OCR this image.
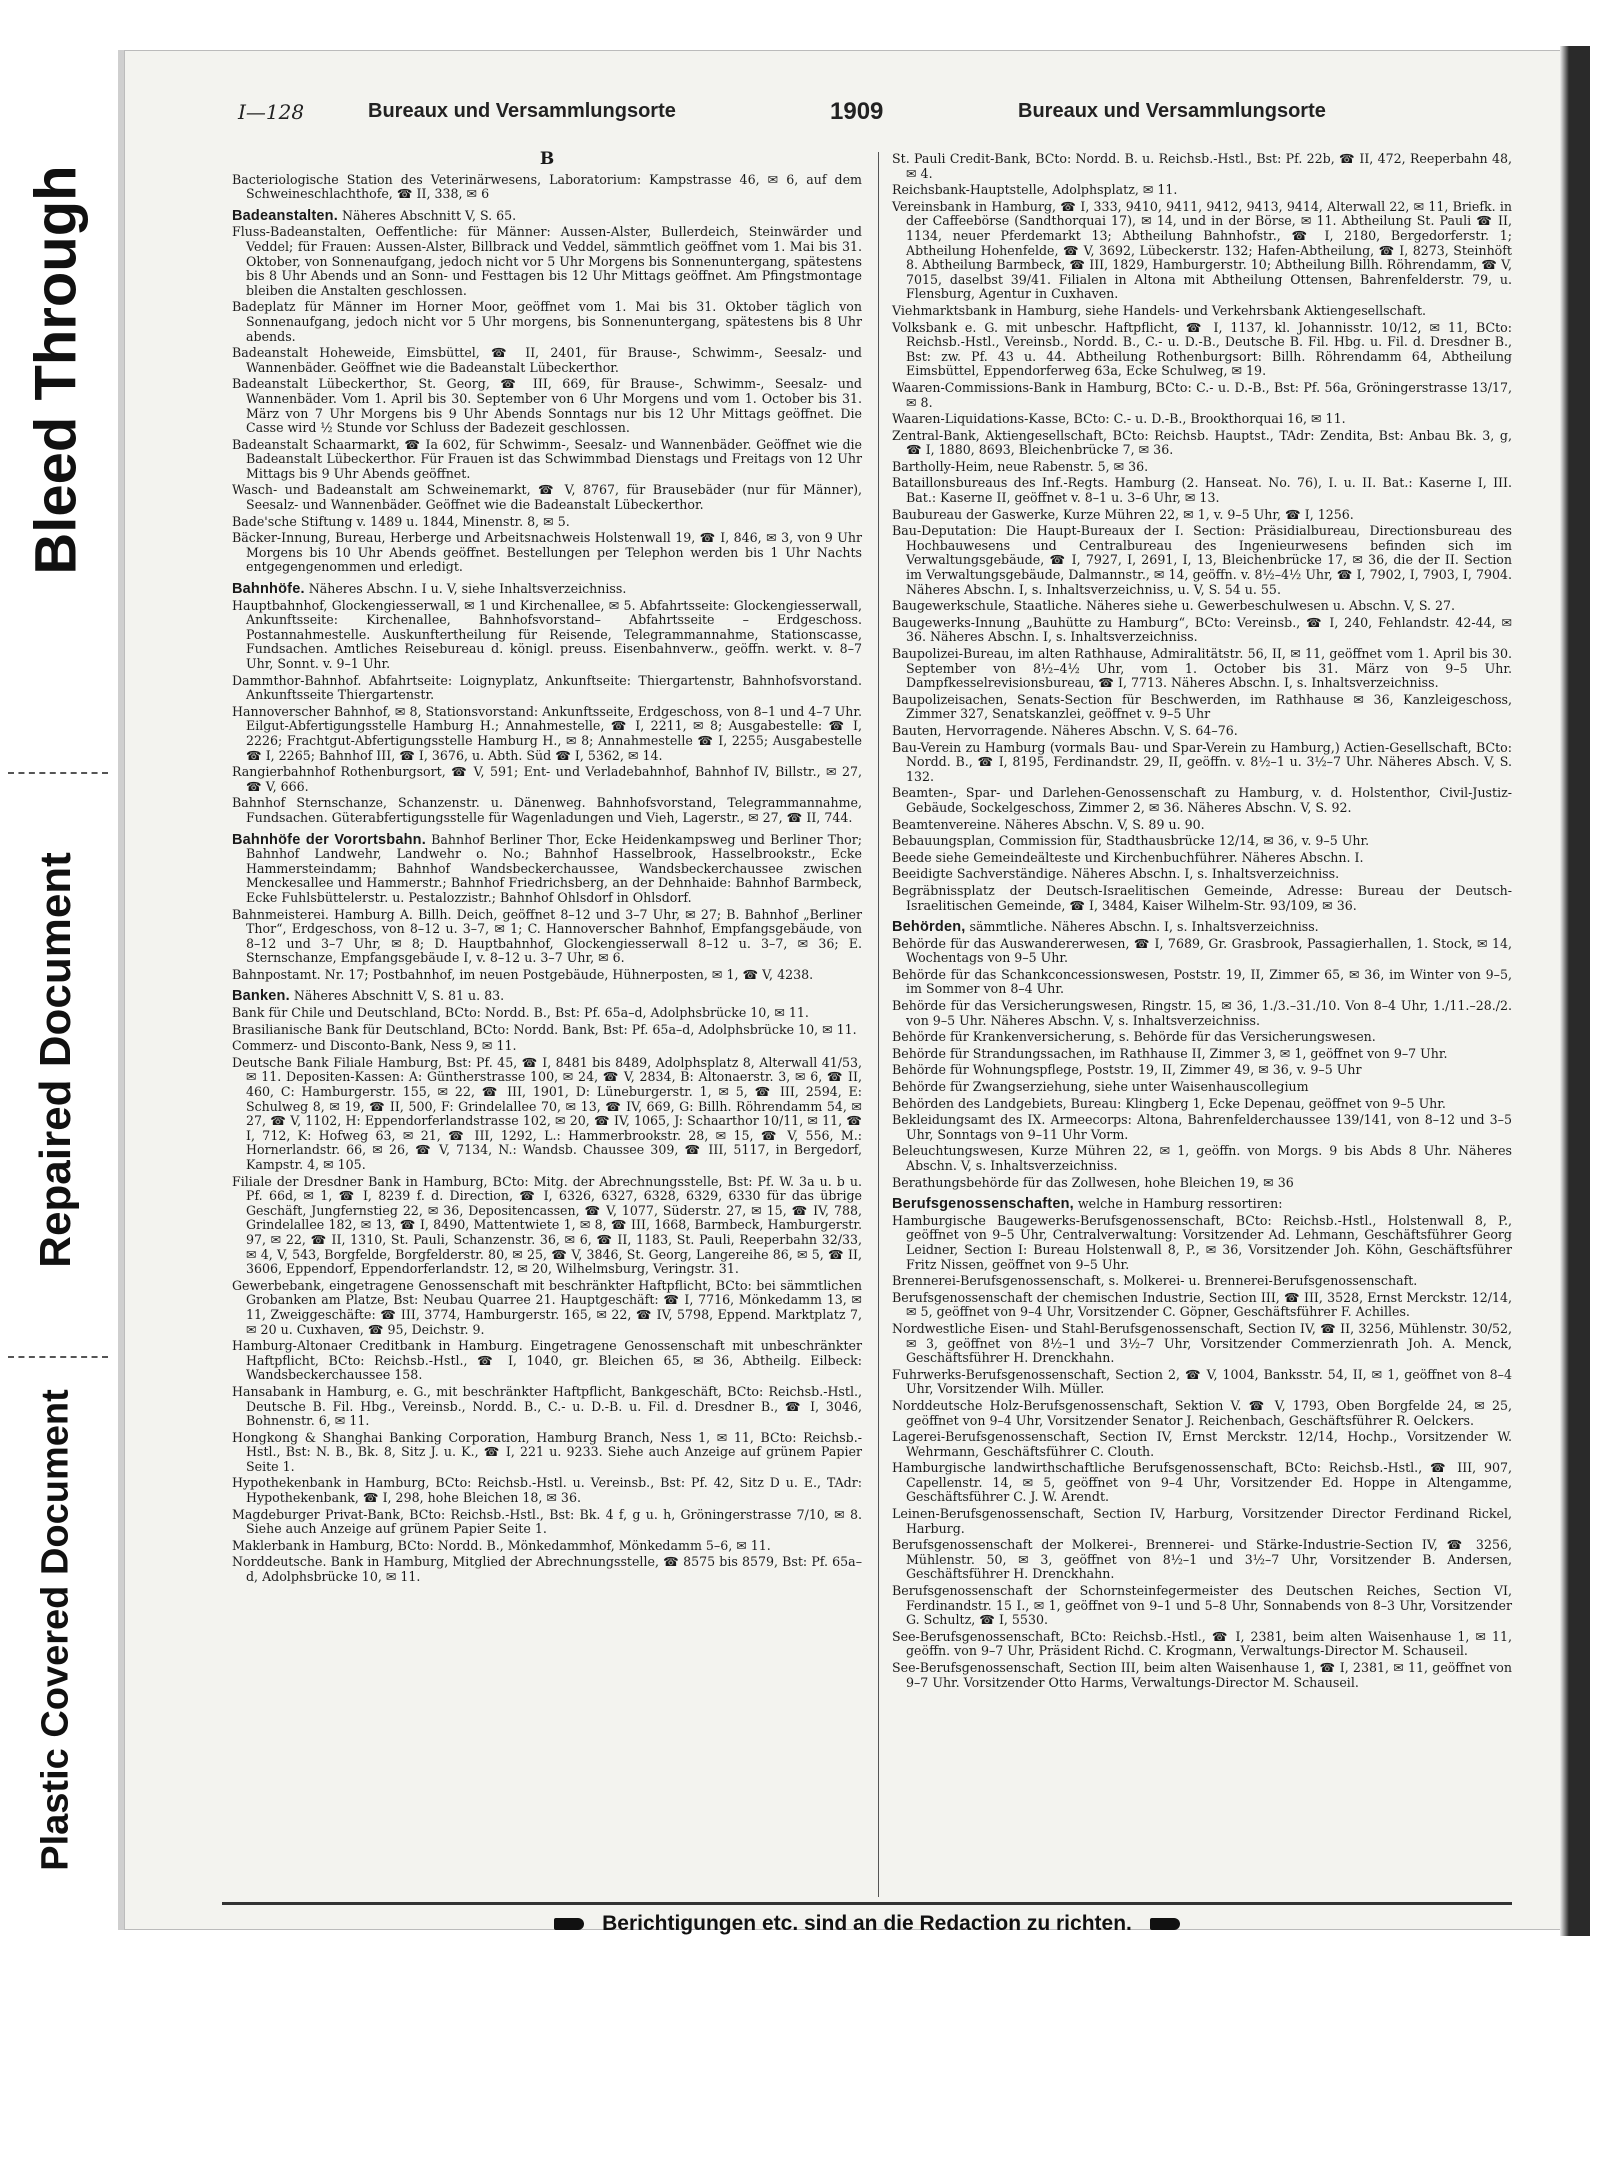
Bleed Through
Repaired Document
Plastic Covered Document
I—128	Bureaux und Versammlungsorte	1909	Bureaux und Versammlungsorte
B

Bacteriologische Station des Veterinärwesens, Laboratorium: Kampstrasse 46, ✉ 6, auf dem Schweineschlachthofe, ☎ II, 338, ✉ 6

Badeanstalten. Näheres Abschnitt V, S. 65.

Fluss-Badeanstalten, Oeffentliche: für Männer: Aussen-Alster, Bullerdeich, Steinwärder und Veddel; für Frauen: Aussen-Alster, Billbrack und Veddel, sämmtlich geöffnet vom 1. Mai bis 31. Oktober, von Sonnenaufgang, jedoch nicht vor 5 Uhr Morgens bis Sonnenuntergang, spätestens bis 8 Uhr Abends und an Sonn- und Festtagen bis 12 Uhr Mittags geöffnet. Am Pfingstmontage bleiben die Anstalten geschlossen.

Badeplatz für Männer im Horner Moor, geöffnet vom 1. Mai bis 31. Oktober täglich von Sonnenaufgang, jedoch nicht vor 5 Uhr morgens, bis Sonnenuntergang, spätestens bis 8 Uhr abends.

Badeanstalt Hoheweide, Eimsbüttel, ☎ II, 2401, für Brause-, Schwimm-, Seesalz- und Wannenbäder. Geöffnet wie die Badeanstalt Lübeckerthor.

Badeanstalt Lübeckerthor, St. Georg, ☎ III, 669, für Brause-, Schwimm-, Seesalz- und Wannenbäder. Vom 1. April bis 30. September von 6 Uhr Morgens und vom 1. October bis 31. März von 7 Uhr Morgens bis 9 Uhr Abends Sonntags nur bis 12 Uhr Mittags geöffnet. Die Casse wird ½ Stunde vor Schluss der Badezeit geschlossen.

Badeanstalt Schaarmarkt, ☎ Ia 602, für Schwimm-, Seesalz- und Wannenbäder. Geöffnet wie die Badeanstalt Lübeckerthor. Für Frauen ist das Schwimmbad Dienstags und Freitags von 12 Uhr Mittags bis 9 Uhr Abends geöffnet.

Wasch- und Badeanstalt am Schweinemarkt, ☎ V, 8767, für Brausebäder (nur für Männer), Seesalz- und Wannenbäder. Geöffnet wie die Badeanstalt Lübeckerthor.

Bade'sche Stiftung v. 1489 u. 1844, Minenstr. 8, ✉ 5.

Bäcker-Innung, Bureau, Herberge und Arbeitsnachweis Holstenwall 19, ☎ I, 846, ✉ 3, von 9 Uhr Morgens bis 10 Uhr Abends geöffnet. Bestellungen per Telephon werden bis 1 Uhr Nachts entgegengenommen und erledigt.

Bahnhöfe. Näheres Abschn. I u. V, siehe Inhaltsverzeichniss.

Hauptbahnhof, Glockengiesserwall, ✉ 1 und Kirchenallee, ✉ 5. Abfahrtsseite: Glockengiesserwall, Ankunftsseite: Kirchenallee, Bahnhofsvorstand– Abfahrtsseite – Erdgeschoss. Postannahmestelle. Auskunftertheilung für Reisende, Telegrammannahme, Stationscasse, Fundsachen. Amtliches Reisebureau d. königl. preuss. Eisenbahnverw., geöffn. werkt. v. 8–7 Uhr, Sonnt. v. 9–1 Uhr.

Dammthor-Bahnhof. Abfahrtseite: Loignyplatz, Ankunftseite: Thiergartenstr, Bahnhofsvorstand. Ankunftsseite Thiergartenstr.

Hannoverscher Bahnhof, ✉ 8, Stationsvorstand: Ankunftsseite, Erdgeschoss, von 8–1 und 4–7 Uhr. Eilgut-Abfertigungsstelle Hamburg H.; Annahmestelle, ☎ I, 2211, ✉ 8; Ausgabestelle: ☎ I, 2226; Frachtgut-Abfertigungsstelle Hamburg H., ✉ 8; Annahmestelle ☎ I, 2255; Ausgabestelle ☎ I, 2265; Bahnhof III, ☎ I, 3676, u. Abth. Süd ☎ I, 5362, ✉ 14.

Rangierbahnhof Rothenburgsort, ☎ V, 591; Ent- und Verladebahnhof, Bahnhof IV, Billstr., ✉ 27, ☎ V, 666.

Bahnhof Sternschanze, Schanzenstr. u. Dänenweg. Bahnhofsvorstand, Telegrammannahme, Fundsachen. Güterabfertigungsstelle für Wagenladungen und Vieh, Lagerstr., ✉ 27, ☎ II, 744.

Bahnhöfe der Vorortsbahn. Bahnhof Berliner Thor, Ecke Heidenkampsweg und Berliner Thor; Bahnhof Landwehr, Landwehr o. No.; Bahnhof Hasselbrook, Hasselbrookstr., Ecke Hammersteindamm; Bahnhof Wandsbeckerchaussee, Wandsbeckerchaussee zwischen Menckesallee und Hammerstr.; Bahnhof Friedrichsberg, an der Dehnhaide: Bahnhof Barmbeck, Ecke Fuhlsbüttelerstr. u. Pestalozzistr.; Bahnhof Ohlsdorf in Ohlsdorf.

Bahnmeisterei. Hamburg A. Billh. Deich, geöffnet 8–12 und 3–7 Uhr, ✉ 27; B. Bahnhof „Berliner Thor“, Erdgeschoss, von 8–12 u. 3–7, ✉ 1; C. Hannoverscher Bahnhof, Empfangsgebäude, von 8–12 und 3–7 Uhr, ✉ 8; D. Hauptbahnhof, Glockengiesserwall 8–12 u. 3–7, ✉ 36; E. Sternschanze, Empfangsgebäude I, v. 8–12 u. 3–7 Uhr, ✉ 6.

Bahnpostamt. Nr. 17; Postbahnhof, im neuen Postgebäude, Hühnerposten, ✉ 1, ☎ V, 4238.

Banken. Näheres Abschnitt V, S. 81 u. 83.

Bank für Chile und Deutschland, BCto: Nordd. B., Bst: Pf. 65a–d, Adolphsbrücke 10, ✉ 11.

Brasilianische Bank für Deutschland, BCto: Nordd. Bank, Bst: Pf. 65a–d, Adolphsbrücke 10, ✉ 11.

Commerz- und Disconto-Bank, Ness 9, ✉ 11.

Deutsche Bank Filiale Hamburg, Bst: Pf. 45, ☎ I, 8481 bis 8489, Adolphsplatz 8, Alterwall 41/53, ✉ 11. Depositen-Kassen: A: Güntherstrasse 100, ✉ 24, ☎ V, 2834, B: Altonaerstr. 3, ✉ 6, ☎ II, 460, C: Hamburgerstr. 155, ✉ 22, ☎ III, 1901, D: Lüneburgerstr. 1, ✉ 5, ☎ III, 2594, E: Schulweg 8, ✉ 19, ☎ II, 500, F: Grindelallee 70, ✉ 13, ☎ IV, 669, G: Billh. Röhrendamm 54, ✉ 27, ☎ V, 1102, H: Eppendorferlandstrasse 102, ✉ 20, ☎ IV, 1065, J: Schaarthor 10/11, ✉ 11, ☎ I, 712, K: Hofweg 63, ✉ 21, ☎ III, 1292, L.: Hammerbrookstr. 28, ✉ 15, ☎ V, 556, M.: Hornerlandstr. 66, ✉ 26, ☎ V, 7134, N.: Wandsb. Chaussee 309, ☎ III, 5117, in Bergedorf, Kampstr. 4, ✉ 105.

Filiale der Dresdner Bank in Hamburg, BCto: Mitg. der Abrechnungsstelle, Bst: Pf. W. 3a u. b u. Pf. 66d, ✉ 1, ☎ I, 8239 f. d. Direction, ☎ I, 6326, 6327, 6328, 6329, 6330 für das übrige Geschäft, Jungfernstieg 22, ✉ 36, Depositencassen, ☎ V, 1077, Süderstr. 27, ✉ 15, ☎ IV, 788, Grindelallee 182, ✉ 13, ☎ I, 8490, Mattentwiete 1, ✉ 8, ☎ III, 1668, Barmbeck, Hamburgerstr. 97, ✉ 22, ☎ II, 1310, St. Pauli, Schanzenstr. 36, ✉ 6, ☎ II, 1183, St. Pauli, Reeperbahn 32/33, ✉ 4, V, 543, Borgfelde, Borgfelderstr. 80, ✉ 25, ☎ V, 3846, St. Georg, Langereihe 86, ✉ 5, ☎ II, 3606, Eppendorf, Eppendorferlandstr. 12, ✉ 20, Wilhelmsburg, Veringstr. 31.

Gewerbebank, eingetragene Genossenschaft mit beschränkter Haftpflicht, BCto: bei sämmtlichen Grobanken am Platze, Bst: Neubau Quarree 21. Hauptgeschäft: ☎ I, 7716, Mönkedamm 13, ✉ 11, Zweiggeschäfte: ☎ III, 3774, Hamburgerstr. 165, ✉ 22, ☎ IV, 5798, Eppend. Marktplatz 7, ✉ 20 u. Cuxhaven, ☎ 95, Deichstr. 9.

Hamburg-Altonaer Creditbank in Hamburg. Eingetragene Genossenschaft mit unbeschränkter Haftpflicht, BCto: Reichsb.-Hstl., ☎ I, 1040, gr. Bleichen 65, ✉ 36, Abtheilg. Eilbeck: Wandsbeckerchaussee 158.

Hansabank in Hamburg, e. G., mit beschränkter Haftpflicht, Bankgeschäft, BCto: Reichsb.-Hstl., Deutsche B. Fil. Hbg., Vereinsb., Nordd. B., C.- u. D.-B. u. Fil. d. Dresdner B., ☎ I, 3046, Bohnenstr. 6, ✉ 11.

Hongkong & Shanghai Banking Corporation, Hamburg Branch, Ness 1, ✉ 11, BCto: Reichsb.-Hstl., Bst: N. B., Bk. 8, Sitz J. u. K., ☎ I, 221 u. 9233. Siehe auch Anzeige auf grünem Papier Seite 1.

Hypothekenbank in Hamburg, BCto: Reichsb.-Hstl. u. Vereinsb., Bst: Pf. 42, Sitz D u. E., TAdr: Hypothekenbank, ☎ I, 298, hohe Bleichen 18, ✉ 36.

Magdeburger Privat-Bank, BCto: Reichsb.-Hstl., Bst: Bk. 4 f, g u. h, Gröningerstrasse 7/10, ✉ 8. Siehe auch Anzeige auf grünem Papier Seite 1.

Maklerbank in Hamburg, BCto: Nordd. B., Mönkedammhof, Mönkedamm 5–6, ✉ 11.

Norddeutsche. Bank in Hamburg, Mitglied der Abrechnungsstelle, ☎ 8575 bis 8579, Bst: Pf. 65a–d, Adolphsbrücke 10, ✉ 11.

St. Pauli Credit-Bank, BCto: Nordd. B. u. Reichsb.-Hstl., Bst: Pf. 22b, ☎ II, 472, Reeperbahn 48, ✉ 4.

Reichsbank-Hauptstelle, Adolphsplatz, ✉ 11.

Vereinsbank in Hamburg, ☎ I, 333, 9410, 9411, 9412, 9413, 9414, Alterwall 22, ✉ 11, Briefk. in der Caffeebörse (Sandthorquai 17), ✉ 14, und in der Börse, ✉ 11. Abtheilung St. Pauli ☎ II, 1134, neuer Pferdemarkt 13; Abtheilung Bahnhofstr., ☎ I, 2180, Bergedorferstr. 1; Abtheilung Hohenfelde, ☎ V, 3692, Lübeckerstr. 132; Hafen-Abtheilung, ☎ I, 8273, Steinhöft 8. Abtheilung Barmbeck, ☎ III, 1829, Hamburgerstr. 10; Abtheilung Billh. Röhrendamm, ☎ V, 7015, daselbst 39/41. Filialen in Altona mit Abtheilung Ottensen, Bahrenfelderstr. 79, u. Flensburg, Agentur in Cuxhaven.

Viehmarktsbank in Hamburg, siehe Handels- und Verkehrsbank Aktiengesellschaft.

Volksbank e. G. mit unbeschr. Haftpflicht, ☎ I, 1137, kl. Johannisstr. 10/12, ✉ 11, BCto: Reichsb.-Hstl., Vereinsb., Nordd. B., C.- u. D.-B., Deutsche B. Fil. Hbg. u. Fil. d. Dresdner B., Bst: zw. Pf. 43 u. 44. Abtheilung Rothenburgsort: Billh. Röhrendamm 64, Abtheilung Eimsbüttel, Eppendorferweg 63a, Ecke Schulweg, ✉ 19.

Waaren-Commissions-Bank in Hamburg, BCto: C.- u. D.-B., Bst: Pf. 56a, Gröningerstrasse 13/17, ✉ 8.

Waaren-Liquidations-Kasse, BCto: C.- u. D.-B., Brookthorquai 16, ✉ 11.

Zentral-Bank, Aktiengesellschaft, BCto: Reichsb. Hauptst., TAdr: Zendita, Bst: Anbau Bk. 3, g, ☎ I, 1880, 8693, Bleichenbrücke 7, ✉ 36.

Bartholly-Heim, neue Rabenstr. 5, ✉ 36.

Bataillonsbureaus des Inf.-Regts. Hamburg (2. Hanseat. No. 76), I. u. II. Bat.: Kaserne I, III. Bat.: Kaserne II, geöffnet v. 8–1 u. 3–6 Uhr, ✉ 13.

Baubureau der Gaswerke, Kurze Mühren 22, ✉ 1, v. 9–5 Uhr, ☎ I, 1256.

Bau-Deputation: Die Haupt-Bureaux der I. Section: Präsidialbureau, Directionsbureau des Hochbauwesens und Centralbureau des Ingenieurwesens befinden sich im Verwaltungsgebäude, ☎ I, 7927, I, 2691, I, 13, Bleichenbrücke 17, ✉ 36, die der II. Section im Verwaltungsgebäude, Dalmannstr., ✉ 14, geöffn. v. 8½–4½ Uhr, ☎ I, 7902, I, 7903, I, 7904. Näheres Abschn. I, s. Inhaltsverzeichniss, u. V, S. 54 u. 55.

Baugewerkschule, Staatliche. Näheres siehe u. Gewerbeschulwesen u. Abschn. V, S. 27.

Baugewerks-Innung „Bauhütte zu Hamburg“, BCto: Vereinsb., ☎ I, 240, Fehlandstr. 42-44, ✉ 36. Näheres Abschn. I, s. Inhaltsverzeichniss.

Baupolizei-Bureau, im alten Rathhause, Admiralitätstr. 56, II, ✉ 11, geöffnet vom 1. April bis 30. September von 8½–4½ Uhr, vom 1. October bis 31. März von 9–5 Uhr. Dampfkesselrevisionsbureau, ☎ I, 7713. Näheres Abschn. I, s. Inhaltsverzeichniss.

Baupolizeisachen, Senats-Section für Beschwerden, im Rathhause ✉ 36, Kanzleigeschoss, Zimmer 327, Senatskanzlei, geöffnet v. 9–5 Uhr

Bauten, Hervorragende. Näheres Abschn. V, S. 64–76.

Bau-Verein zu Hamburg (vormals Bau- und Spar-Verein zu Hamburg,) Actien-Gesellschaft, BCto: Nordd. B., ☎ I, 8195, Ferdinandstr. 29, II, geöffn. v. 8½–1 u. 3½–7 Uhr. Näheres Absch. V, S. 132.

Beamten-, Spar- und Darlehen-Genossenschaft zu Hamburg, v. d. Holstenthor, Civil-Justiz-Gebäude, Sockelgeschoss, Zimmer 2, ✉ 36. Näheres Abschn. V, S. 92.

Beamtenvereine. Näheres Abschn. V, S. 89 u. 90.

Bebauungsplan, Commission für, Stadthausbrücke 12/14, ✉ 36, v. 9–5 Uhr.

Beede siehe Gemeindeälteste und Kirchenbuchführer. Näheres Abschn. I.

Beeidigte Sachverständige. Näheres Abschn. I, s. Inhaltsverzeichniss.

Begräbnissplatz der Deutsch-Israelitischen Gemeinde, Adresse: Bureau der Deutsch-Israelitischen Gemeinde, ☎ I, 3484, Kaiser Wilhelm-Str. 93/109, ✉ 36.

Behörden, sämmtliche. Näheres Abschn. I, s. Inhaltsverzeichniss.

Behörde für das Auswandererwesen, ☎ I, 7689, Gr. Grasbrook, Passagierhallen, 1. Stock, ✉ 14, Wochentags von 9–5 Uhr.

Behörde für das Schankconcessionswesen, Poststr. 19, II, Zimmer 65, ✉ 36, im Winter von 9–5, im Sommer von 8–4 Uhr.

Behörde für das Versicherungswesen, Ringstr. 15, ✉ 36, 1./3.–31./10. Von 8–4 Uhr, 1./11.–28./2. von 9–5 Uhr. Näheres Abschn. V, s. Inhaltsverzeichniss.

Behörde für Krankenversicherung, s. Behörde für das Versicherungswesen.

Behörde für Strandungssachen, im Rathhause II, Zimmer 3, ✉ 1, geöffnet von 9–7 Uhr.

Behörde für Wohnungspflege, Poststr. 19, II, Zimmer 49, ✉ 36, v. 9–5 Uhr

Behörde für Zwangserziehung, siehe unter Waisenhauscollegium

Behörden des Landgebiets, Bureau: Klingberg 1, Ecke Depenau, geöffnet von 9–5 Uhr.

Bekleidungsamt des IX. Armeecorps: Altona, Bahrenfelderchaussee 139/141, von 8–12 und 3–5 Uhr, Sonntags von 9–11 Uhr Vorm.

Beleuchtungswesen, Kurze Mühren 22, ✉ 1, geöffn. von Morgs. 9 bis Abds 8 Uhr. Näheres Abschn. V, s. Inhaltsverzeichniss.

Berathungsbehörde für das Zollwesen, hohe Bleichen 19, ✉ 36

Berufsgenossenschaften, welche in Hamburg ressortiren:

Hamburgische Baugewerks-Berufsgenossenschaft, BCto: Reichsb.-Hstl., Holstenwall 8, P., geöffnet von 9–5 Uhr, Centralverwaltung: Vorsitzender Ad. Lehmann, Geschäftsführer Georg Leidner, Section I: Bureau Holstenwall 8, P., ✉ 36, Vorsitzender Joh. Köhn, Geschäftsführer Fritz Nissen, geöffnet von 9–5 Uhr.

Brennerei-Berufsgenossenschaft, s. Molkerei- u. Brennerei-Berufsgenossenschaft.

Berufsgenossenschaft der chemischen Industrie, Section III, ☎ III, 3528, Ernst Merckstr. 12/14, ✉ 5, geöffnet von 9–4 Uhr, Vorsitzender C. Göpner, Geschäftsführer F. Achilles.

Nordwestliche Eisen- und Stahl-Berufsgenossenschaft, Section IV, ☎ II, 3256, Mühlenstr. 30/52, ✉ 3, geöffnet von 8½–1 und 3½–7 Uhr, Vorsitzender Commerzienrath Joh. A. Menck, Geschäftsführer H. Drenckhahn.

Fuhrwerks-Berufsgenossenschaft, Section 2, ☎ V, 1004, Banksstr. 54, II, ✉ 1, geöffnet von 8–4 Uhr, Vorsitzender Wilh. Müller.

Norddeutsche Holz-Berufsgenossenschaft, Sektion V. ☎ V, 1793, Oben Borgfelde 24, ✉ 25, geöffnet von 9–4 Uhr, Vorsitzender Senator J. Reichenbach, Geschäftsführer R. Oelckers.

Lagerei-Berufsgenossenschaft, Section IV, Ernst Merckstr. 12/14, Hochp., Vorsitzender W. Wehrmann, Geschäftsführer C. Clouth.

Hamburgische landwirthschaftliche Berufsgenossenschaft, BCto: Reichsb.-Hstl., ☎ III, 907, Capellenstr. 14, ✉ 5, geöffnet von 9–4 Uhr, Vorsitzender Ed. Hoppe in Altengamme, Geschäftsführer C. J. W. Arendt.

Leinen-Berufsgenossenschaft, Section IV, Harburg, Vorsitzender Director Ferdinand Rickel, Harburg.

Berufsgenossenschaft der Molkerei-, Brennerei- und Stärke-Industrie-Section IV, ☎ 3256, Mühlenstr. 50, ✉ 3, geöffnet von 8½–1 und 3½–7 Uhr, Vorsitzender B. Andersen, Geschäftsführer H. Drenckhahn.

Berufsgenossenschaft der Schornsteinfegermeister des Deutschen Reiches, Section VI, Ferdinandstr. 15 I., ✉ 1, geöffnet von 9–1 und 5–8 Uhr, Sonnabends von 8–3 Uhr, Vorsitzender G. Schultz, ☎ I, 5530.

See-Berufsgenossenschaft, BCto: Reichsb.-Hstl., ☎ I, 2381, beim alten Waisenhause 1, ✉ 11, geöffn. von 9–7 Uhr, Präsident Richd. C. Krogmann, Verwaltungs-Director M. Schauseil.

See-Berufsgenossenschaft, Section III, beim alten Waisenhause 1, ☎ I, 2381, ✉ 11, geöffnet von 9–7 Uhr. Vorsitzender Otto Harms, Verwaltungs-Director M. Schauseil.

Berichtigungen etc. sind an die Redaction zu richten.
